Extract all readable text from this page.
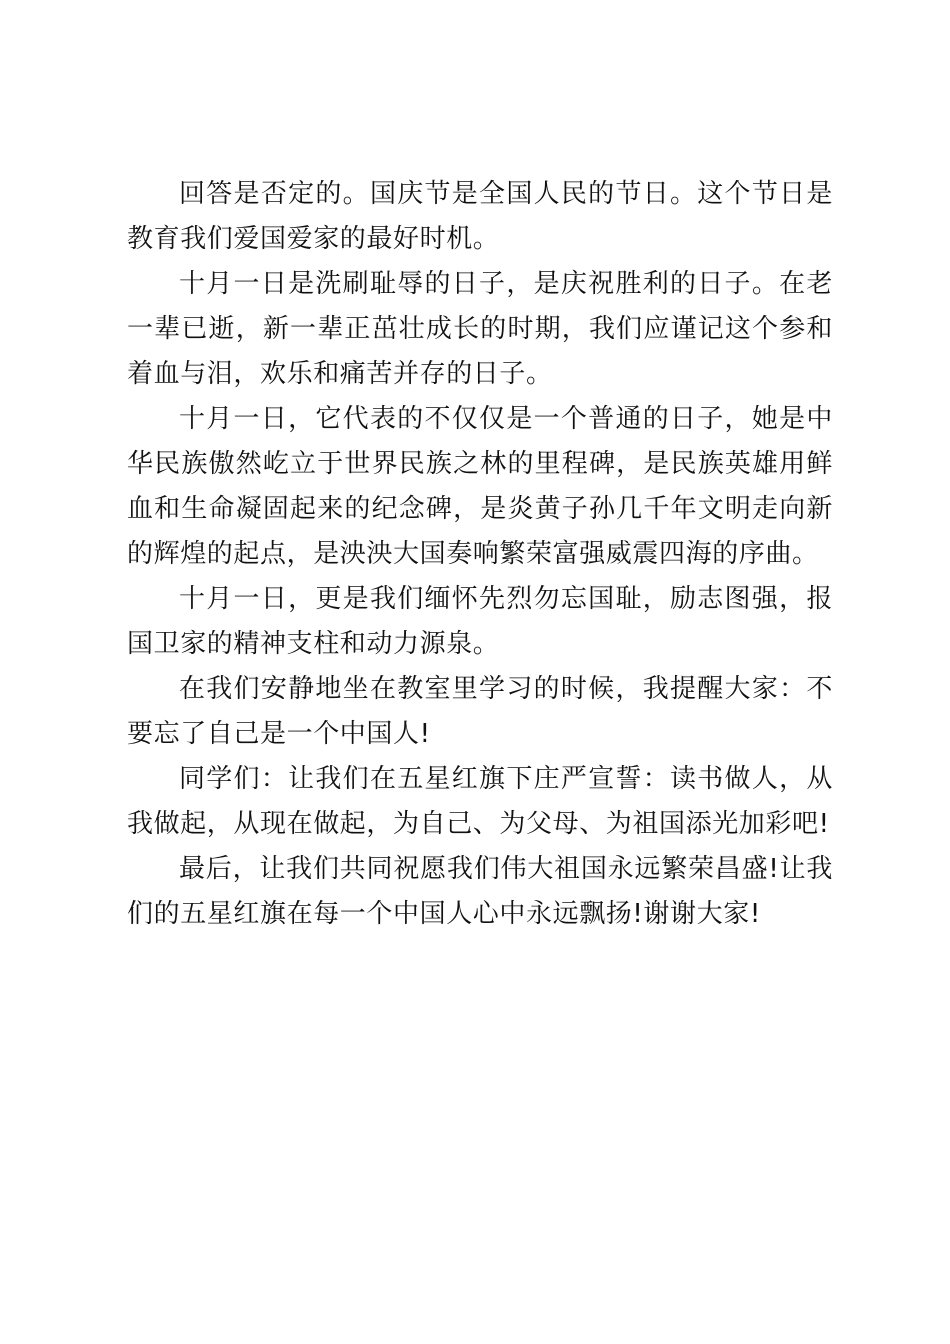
回答是否定的。国庆节是全国人民的节日。这个节日是教育我们爱国爱家的最好时机。

十月一日是洗刷耻辱的日子，是庆祝胜利的日子。在老一辈已逝，新一辈正茁壮成长的时期，我们应谨记这个参和着血与泪，欢乐和痛苦并存的日子。

十月一日，它代表的不仅仅是一个普通的日子，她是中华民族傲然屹立于世界民族之林的里程碑，是民族英雄用鲜血和生命凝固起来的纪念碑，是炎黄子孙几千年文明走向新的辉煌的起点，是泱泱大国奏响繁荣富强威震四海的序曲。

十月一日，更是我们缅怀先烈勿忘国耻，励志图强，报国卫家的精神支柱和动力源泉。

在我们安静地坐在教室里学习的时候，我提醒大家：不要忘了自己是一个中国人!

同学们：让我们在五星红旗下庄严宣誓：读书做人，从我做起，从现在做起，为自己、为父母、为祖国添光加彩吧!

最后，让我们共同祝愿我们伟大祖国永远繁荣昌盛!让我们的五星红旗在每一个中国人心中永远飘扬!谢谢大家!
